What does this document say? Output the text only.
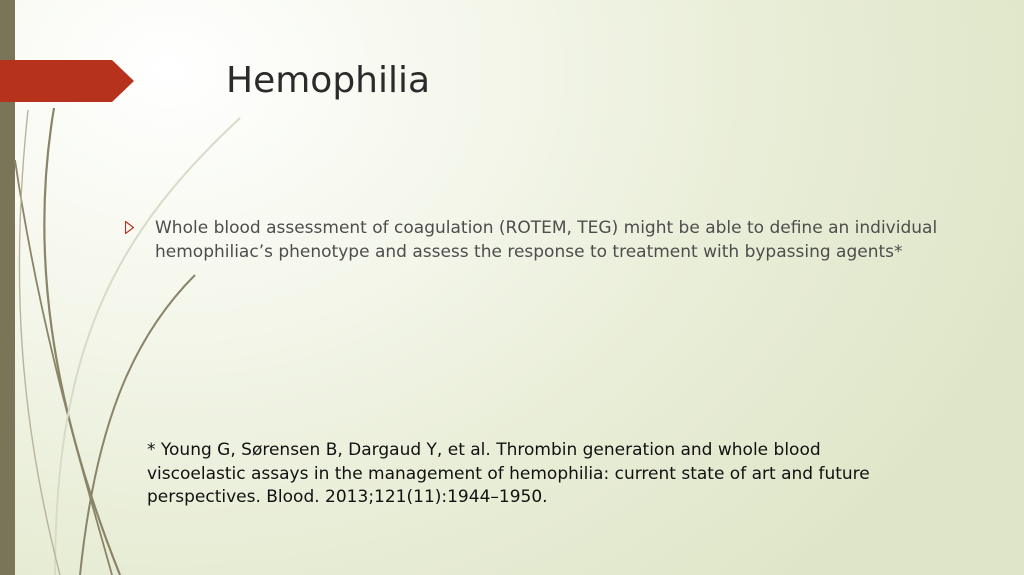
Hemophilia
Whole blood assessment of coagulation (ROTEM, TEG) might be able to define an individual hemophiliac’s phenotype and assess the response to treatment with bypassing agents*
* Young G, Sørensen B, Dargaud Y, et al. Thrombin generation and whole blood viscoelastic assays in the management of hemophilia: current state of art and future perspectives. Blood. 2013;121(11):1944–1950.
